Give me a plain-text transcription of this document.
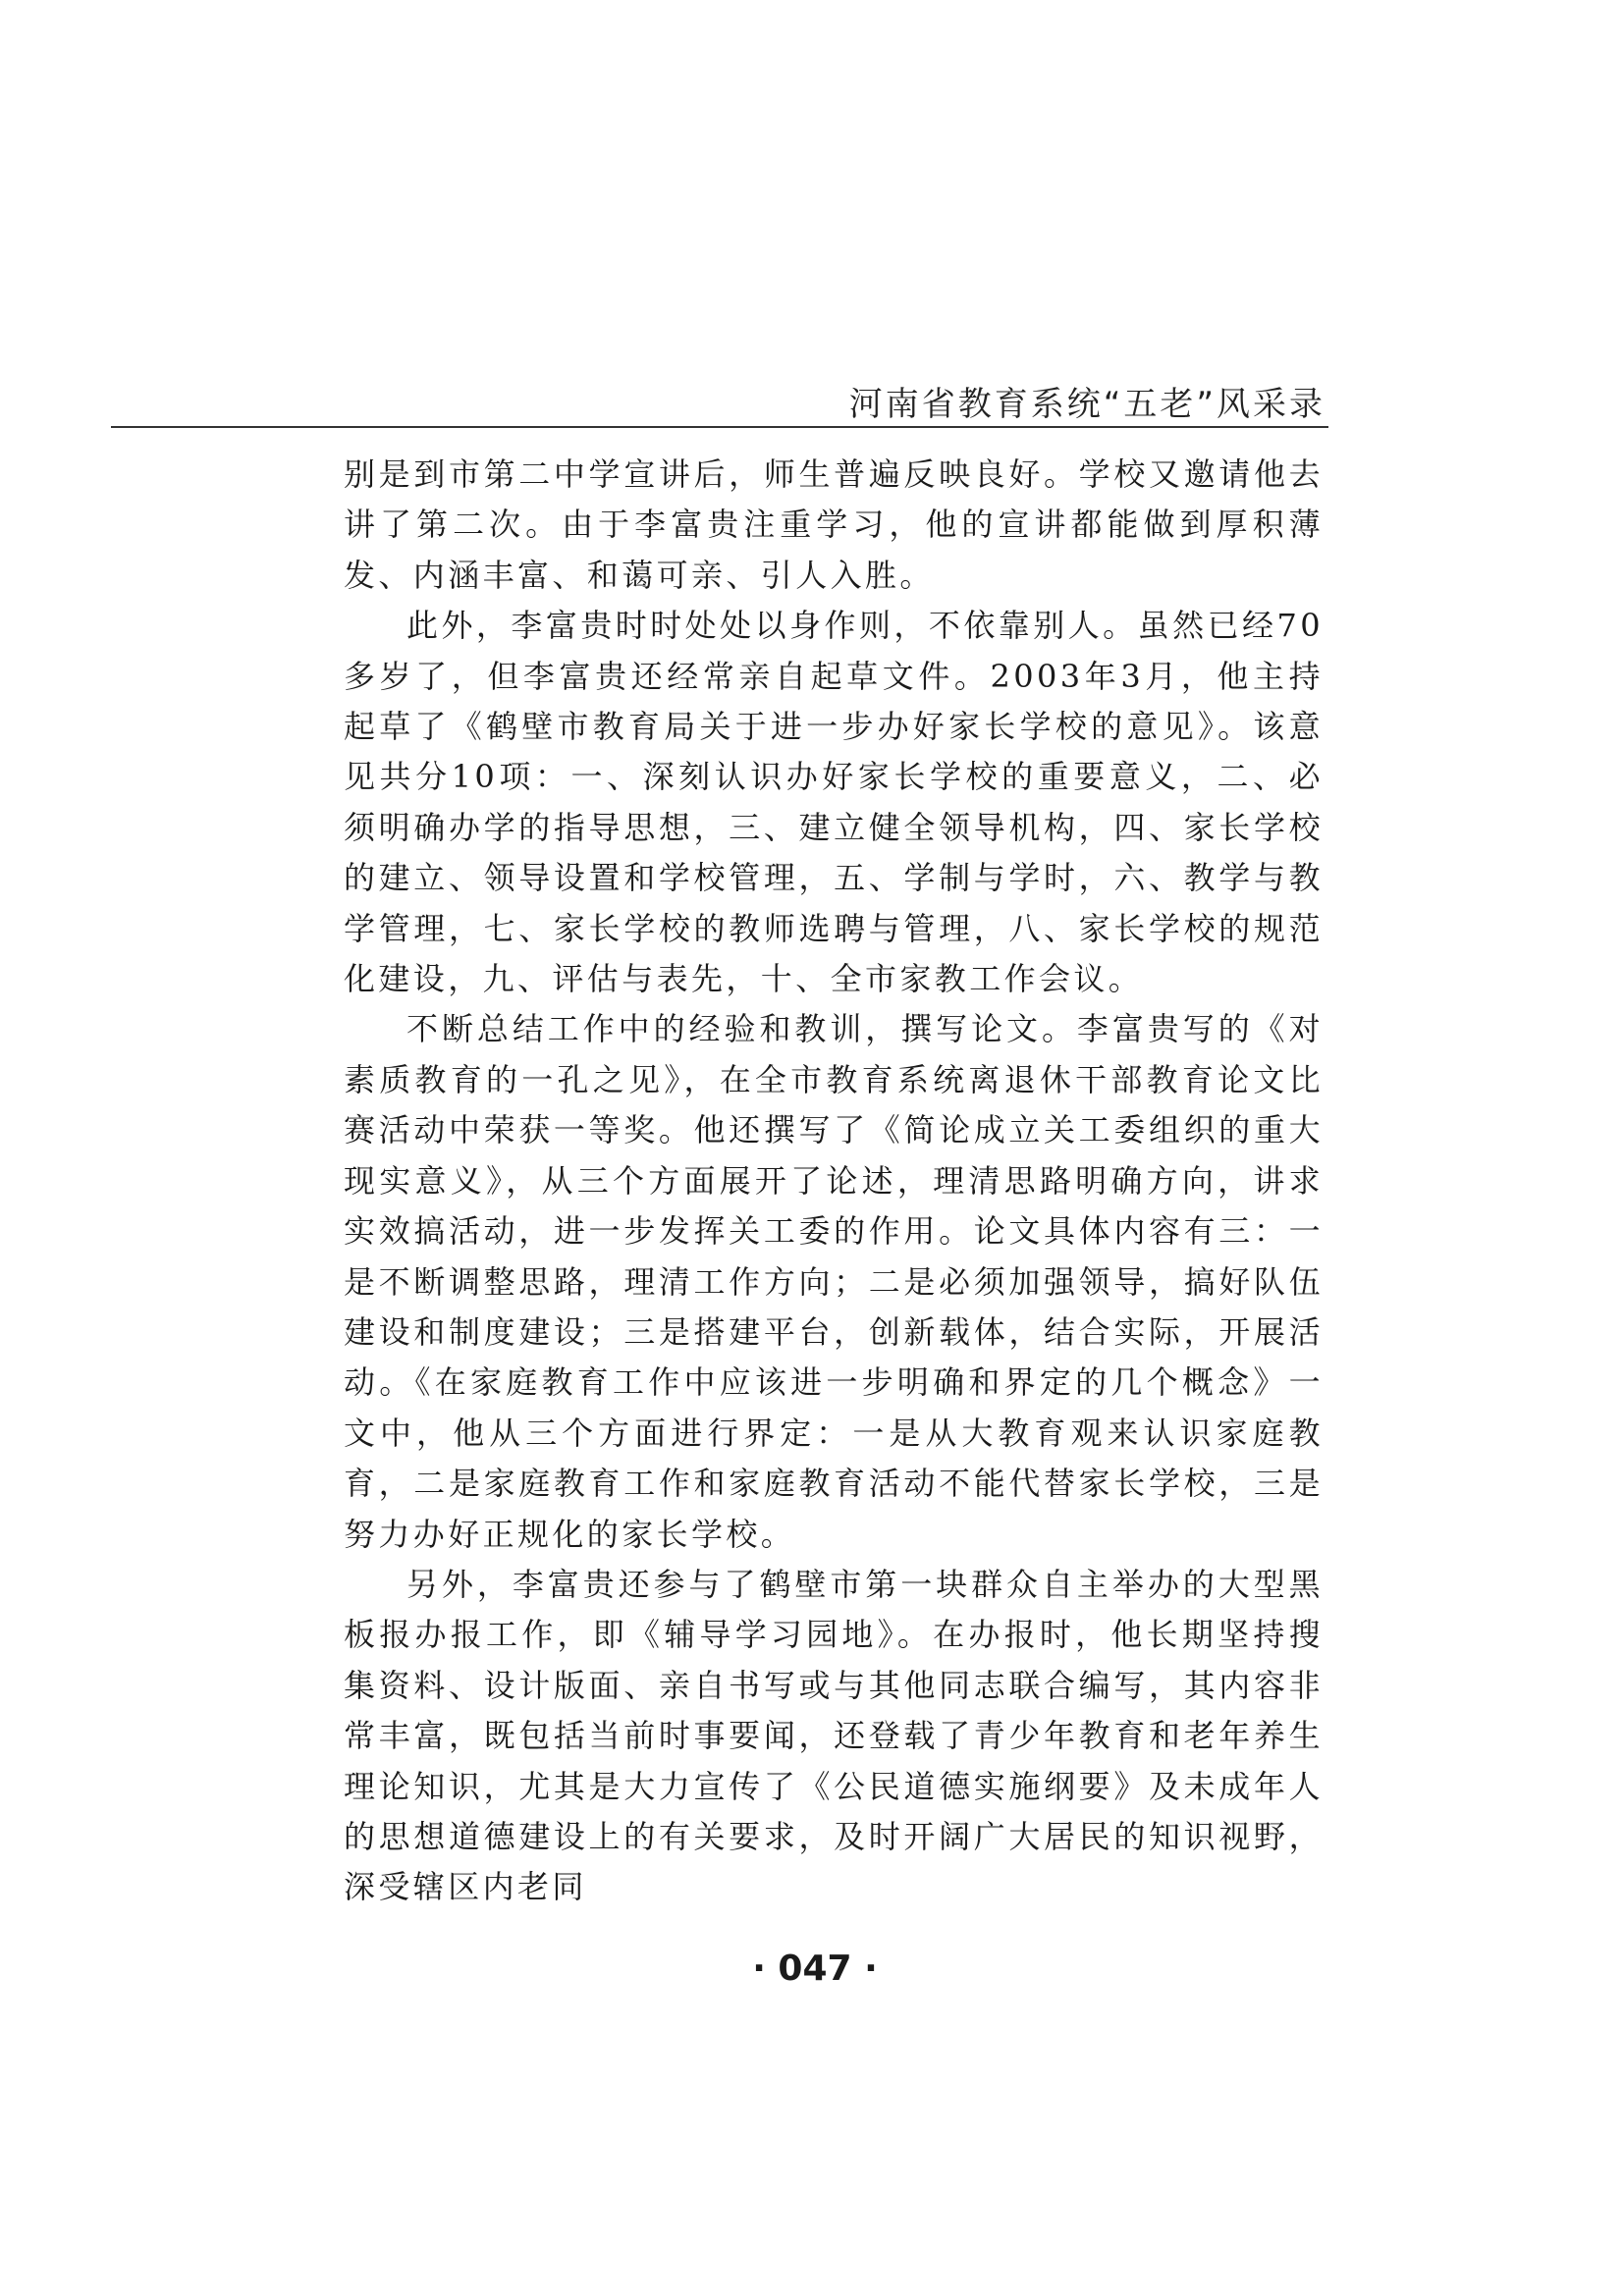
河南省教育系统“五老”风采录

别是到市第二中学宣讲后，师生普遍反映良好。学校又邀请他去讲了第二次。由于李富贵注重学习，他的宣讲都能做到厚积薄发、内涵丰富、和蔼可亲、引人入胜。

此外，李富贵时时处处以身作则，不依靠别人。虽然已经70多岁了，但李富贵还经常亲自起草文件。2003年3月，他主持起草了《鹤壁市教育局关于进一步办好家长学校的意见》。该意见共分10项：一、深刻认识办好家长学校的重要意义，二、必须明确办学的指导思想，三、建立健全领导机构，四、家长学校的建立、领导设置和学校管理，五、学制与学时，六、教学与教学管理，七、家长学校的教师选聘与管理，八、家长学校的规范化建设，九、评估与表先，十、全市家教工作会议。

不断总结工作中的经验和教训，撰写论文。李富贵写的《对素质教育的一孔之见》，在全市教育系统离退休干部教育论文比赛活动中荣获一等奖。他还撰写了《简论成立关工委组织的重大现实意义》，从三个方面展开了论述，理清思路明确方向，讲求实效搞活动，进一步发挥关工委的作用。论文具体内容有三：一是不断调整思路，理清工作方向；二是必须加强领导，搞好队伍建设和制度建设；三是搭建平台，创新载体，结合实际，开展活动。《在家庭教育工作中应该进一步明确和界定的几个概念》一文中，他从三个方面进行界定：一是从大教育观来认识家庭教育，二是家庭教育工作和家庭教育活动不能代替家长学校，三是努力办好正规化的家长学校。

另外，李富贵还参与了鹤壁市第一块群众自主举办的大型黑板报办报工作，即《辅导学习园地》。在办报时，他长期坚持搜集资料、设计版面、亲自书写或与其他同志联合编写，其内容非常丰富，既包括当前时事要闻，还登载了青少年教育和老年养生理论知识，尤其是大力宣传了《公民道德实施纲要》及未成年人的思想道德建设上的有关要求，及时开阔广大居民的知识视野，深受辖区内老同

· 047 ·
